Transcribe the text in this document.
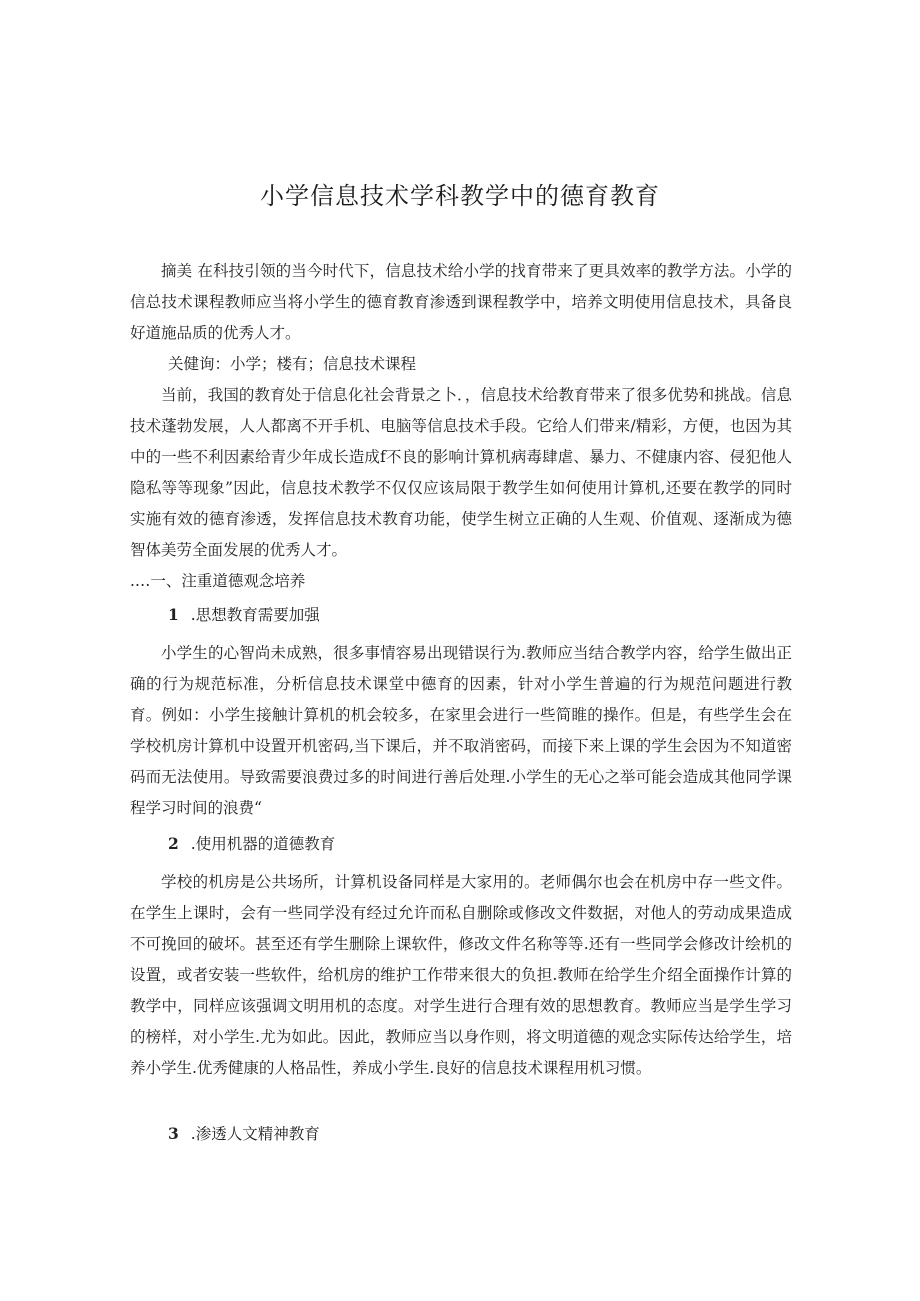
小学信息技术学科教学中的德育教育

摘美 在科技引领的当今时代下，信息技术给小学的找育带来了更具效率的教学方法。小学的信总技术课程教师应当将小学生的德育教育渗透到课程教学中，培养文明使用信息技术，具备良好道施品质的优秀人才。

关健询：小学；楼有；信息技术课程

当前，我国的教育处于信息化社会背景之卜．，信息技术给教育带来了很多优势和挑战。信息技术蓬勃发展，人人都离不开手机、电脑等信息技术手段。它给人们带来/精彩，方便，也因为其中的一些不利因素给青少年成长造成f不良的影响计算机病毒肆虐、暴力、不健康内容、侵犯他人隐私等等现象”因此，信息技术教学不仅仅应该局限于教学生如何使用计算机,还要在教学的同时实施有效的德育渗透，发挥信息技术教育功能，使学生树立正确的人生观、价值观、逐渐成为德智体美劳全面发展的优秀人才。

.…一、注重道德观念培养
1 .思想教育需要加强

小学生的心智尚未成熟，很多事情容易出现错误行为.教师应当结合教学内容，给学生做出正确的行为规范标准，分析信息技术课堂中德育的因素，针对小学生普遍的行为规范问题进行教育。例如：小学生接触计算机的机会较多，在家里会进行一些简睢的操作。但是，有些学生会在学校机房计算机中设置开机密码,当下课后，并不取消密码，而接下来上课的学生会因为不知道密码而无法使用。导致需要浪费过多的时间进行善后处理.小学生的无心之举可能会造成其他同学课程学习时间的浪费“

2 .使用机器的道德教育

学校的机房是公共场所，计算机设备同样是大家用的。老师偶尔也会在机房中存一些文件。在学生上课时，会有一些同学没有经过允许而私自删除或修改文件数据，对他人的劳动成果造成不可挽回的破坏。甚至还有学生删除上课软件，修改文件名称等等.还有一些同学会修改计绘机的设置，或者安装一些软件，给机房的维护工作带来很大的负担.教师在给学生介绍全面操作计算的教学中，同样应该强调文明用机的态度。对学生进行合理有效的思想教育。教师应当是学生学习的榜样，对小学生.尤为如此。因此，教师应当以身作则，将文明道德的观念实际传达给学生，培养小学生.优秀健康的人格品性，养成小学生.良好的信息技术课程用机习惯。

3 .渗透人文精神教育
